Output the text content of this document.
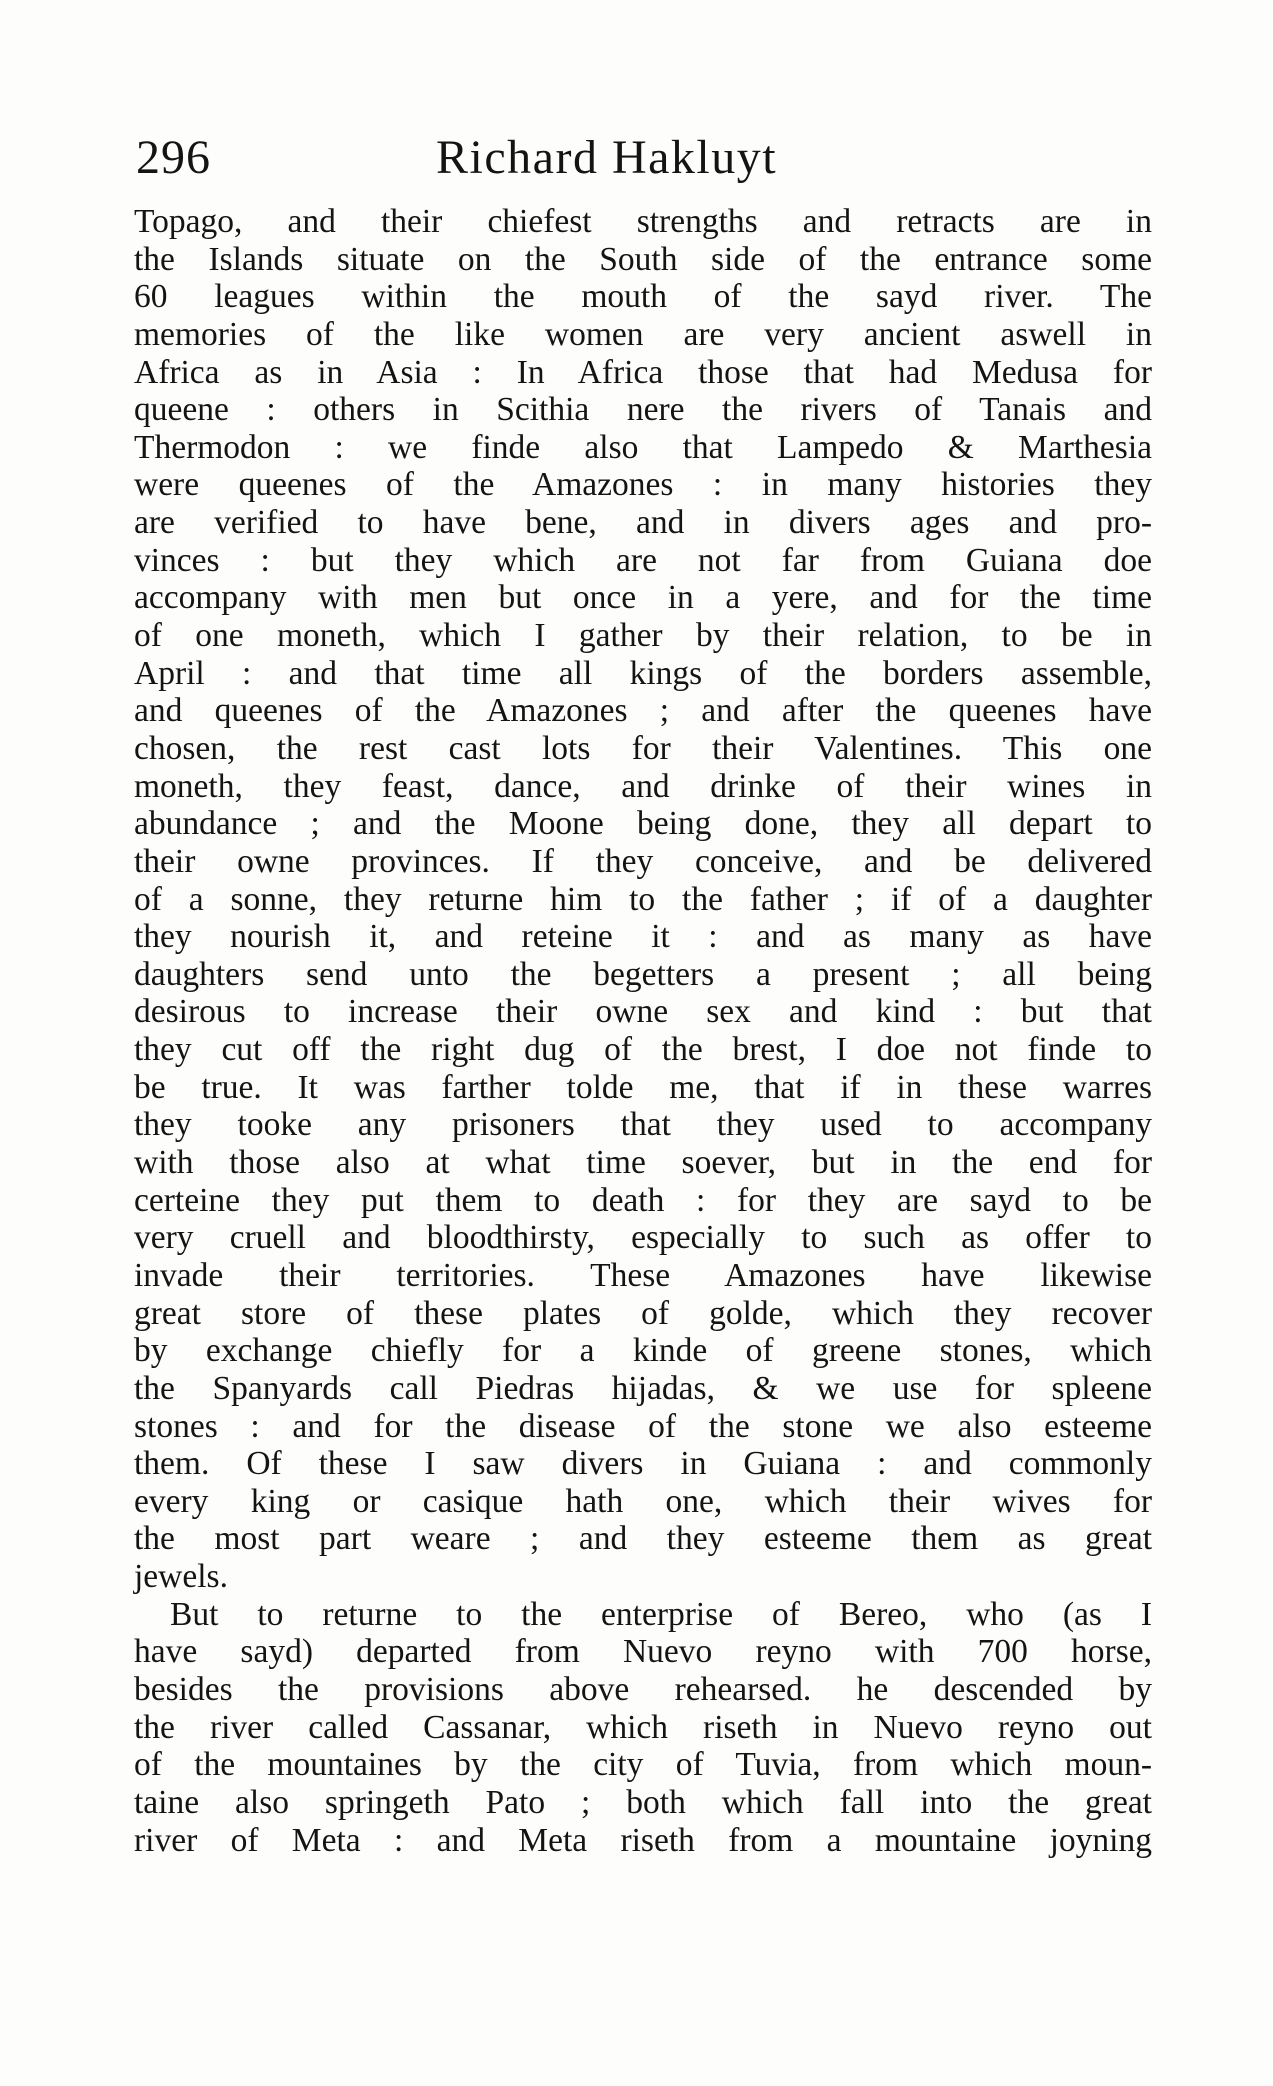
296	Richard Hakluyt
Topago, and their chiefest strengths and retracts are in
the Islands situate on the South side of the entrance some
60 leagues within the mouth of the sayd river. The
memories of the like women are very ancient aswell in
Africa as in Asia : In Africa those that had Medusa for
queene : others in Scithia nere the rivers of Tanais and
Thermodon : we finde also that Lampedo & Marthesia
were queenes of the Amazones : in many histories they
are verified to have bene, and in divers ages and pro-
vinces : but they which are not far from Guiana doe
accompany with men but once in a yere, and for the time
of one moneth, which I gather by their relation, to be in
April : and that time all kings of the borders assemble,
and queenes of the Amazones ; and after the queenes have
chosen, the rest cast lots for their Valentines. This one
moneth, they feast, dance, and drinke of their wines in
abundance ; and the Moone being done, they all depart to
their owne provinces. If they conceive, and be delivered
of a sonne, they returne him to the father ; if of a daughter
they nourish it, and reteine it : and as many as have
daughters send unto the begetters a present ; all being
desirous to increase their owne sex and kind : but that
they cut off the right dug of the brest, I doe not finde to
be true. It was farther tolde me, that if in these warres
they tooke any prisoners that they used to accompany
with those also at what time soever, but in the end for
certeine they put them to death : for they are sayd to be
very cruell and bloodthirsty, especially to such as offer to
invade their territories. These Amazones have likewise
great store of these plates of golde, which they recover
by exchange chiefly for a kinde of greene stones, which
the Spanyards call Piedras hijadas, & we use for spleene
stones : and for the disease of the stone we also esteeme
them. Of these I saw divers in Guiana : and commonly
every king or casique hath one, which their wives for
the most part weare ; and they esteeme them as great
jewels.
But to returne to the enterprise of Bereo, who (as I
have sayd) departed from Nuevo reyno with 700 horse,
besides the provisions above rehearsed. he descended by
the river called Cassanar, which riseth in Nuevo reyno out
of the mountaines by the city of Tuvia, from which moun-
taine also springeth Pato ; both which fall into the great
river of Meta : and Meta riseth from a mountaine joyning
